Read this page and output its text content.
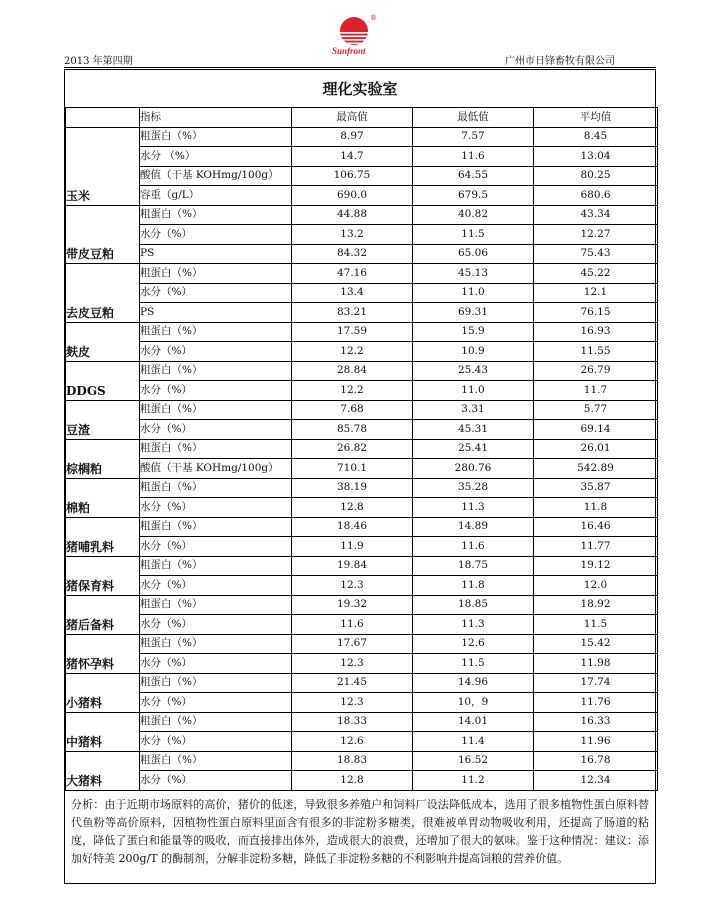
®
Sunfront
2013 年第四期	广州市日锋畜牧有限公司
理化实验室
	指标	最高值	最低值	平均值
玉米	粗蛋白（%）	8.97	7.57	8.45
	水分 （%）	14.7	11.6	13.04
	酸值（干基 KOHmg/100g）	106.75	64.55	80.25
	容重（g/L）	690.0	679.5	680.6
带皮豆粕	粗蛋白（%）	44.88	40.82	43.34
	水分（%）	13.2	11.5	12.27
	PS	84.32	65.06	75.43
去皮豆粕	粗蛋白（%）	47.16	45.13	45.22
	水分（%）	13.4	11.0	12.1
	PS	83.21	69.31	76.15
麸皮	粗蛋白（%）	17.59	15.9	16.93
	水分（%）	12.2	10.9	11.55
DDGS	粗蛋白（%）	28.84	25.43	26.79
	水分（%）	12.2	11.0	11.7
豆渣	粗蛋白（%）	7.68	3.31	5.77
	水分（%）	85.78	45.31	69.14
棕榈粕	粗蛋白（%）	26.82	25.41	26.01
	酸值（干基 KOHmg/100g）	710.1	280.76	542.89
棉粕	粗蛋白（%）	38.19	35.28	35.87
	水分（%）	12.8	11.3	11.8
猪哺乳料	粗蛋白（%）	18.46	14.89	16.46
	水分（%）	11.9	11.6	11.77
猪保育料	粗蛋白（%）	19.84	18.75	19.12
	水分（%）	12.3	11.8	12.0
猪后备料	粗蛋白（%）	19.32	18.85	18.92
	水分（%）	11.6	11.3	11.5
猪怀孕料	粗蛋白（%）	17.67	12.6	15.42
	水分（%）	12.3	11.5	11.98
小猪料	粗蛋白（%）	21.45	14.96	17.74
	水分（%）	12.3	10，9	11.76
中猪料	粗蛋白（%）	18.33	14.01	16.33
	水分（%）	12.6	11.4	11.96
大猪料	粗蛋白（%）	18.83	16.52	16.78
	水分（%）	12.8	11.2	12.34
分析：由于近期市场原料的高价，猪价的低迷，导致很多养殖户和饲料厂设法降低成本，选用了很多植物性蛋白原料替代鱼粉等高价原料，因植物性蛋白原料里面含有很多的非淀粉多糖类，很难被单胃动物吸收利用，还提高了肠道的粘度，降低了蛋白和能量等的吸收，而直接排出体外，造成很大的浪费，还增加了很大的氨味。鉴于这种情况：建议：添加好特美 200g/T 的酶制剂，分解非淀粉多糖，降低了非淀粉多糖的不利影响并提高饲粮的营养价值。
